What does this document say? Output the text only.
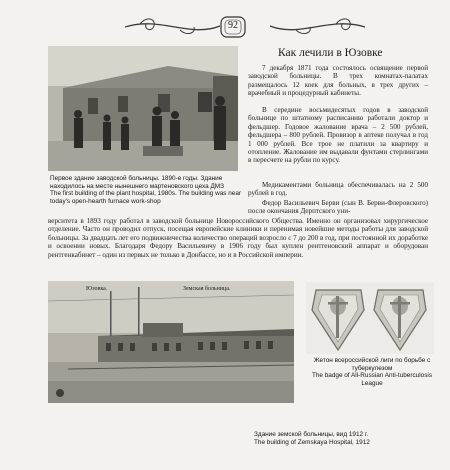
92
Первое здание заводской больницы. 1890-е годы. Здание находилось на месте нынешнего мартеновского цеха ДМЗ
The first building of the plant hospital, 1980s. The building was near today's open-hearth furnace work-shop
Как лечили в Юзовке

7 декабря 1871 года состоялось освящение первой заводской больницы. В трех комнатах-палатах размещалось 12 коек для больных, в трех других – врачебный и процедурный кабинеты.

В середине восьмидесятых годов в заводской больнице по штатному расписанию работали доктор и фельдшер. Годовое жалование врача – 2 500 рублей, фельдшера – 800 рублей. Провизор в аптеке получал в год 1 000 рублей. Все трое не платили за квартиру и отопление. Жалование им выдавали фунтами стерлингами в пересчете на рубли по курсу.

Медикаментами больница обеспечивалась на 2 500 рублей в год.

Федор Васильевич Берви (сын В. Берви-Флеровского) после окончания Дерптского уни-

верситета в 1893 году работал в заводской больнице Новороссийского Общества. Именно он организовал хирургическое отделение. Часто он проводил отпуск, посещая европейские клиники и перенимая новейшие методы работы для заводской больницы. За двадцать лет его подвижничества количество операций возросло с 7 до 200 в год, при постоянной их доработке и освоении новых. Благодаря Федору Васильевичу в 1906 году был куплен рентгеновский аппарат и оборудован рентгенкабинет – один из первых не только в Донбассе, но и в Российской империи.

Юзовка.	Земская больница.
Здание земской больницы, вид 1912 г.
The building of Zemskaya Hospital, 1912
Жетон всероссийской лиги по борьбе с туберкулезом
The badge of All-Russian Anti-tuberculosis League
